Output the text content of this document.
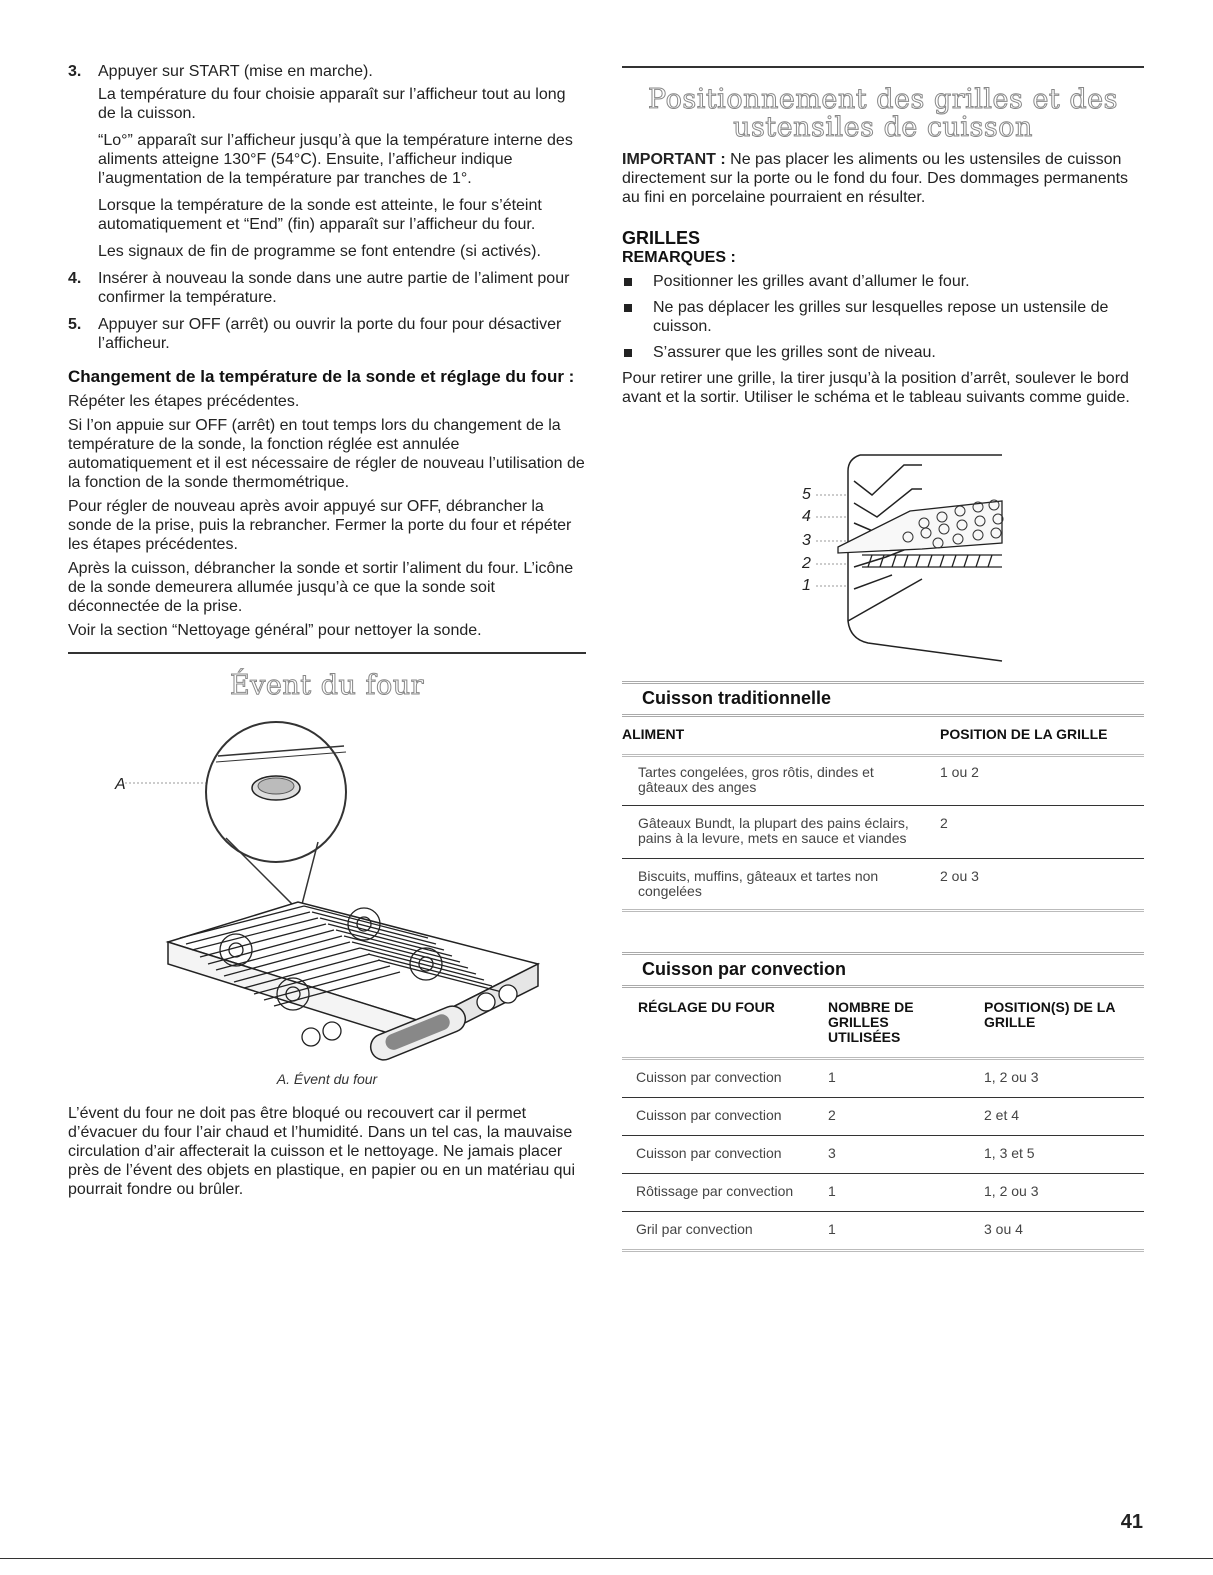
3. Appuyer sur START (mise en marche).

La température du four choisie apparaît sur l’afficheur tout au long de la cuisson.

“Lo°” apparaît sur l’afficheur jusqu’à que la température interne des aliments atteigne 130°F (54°C). Ensuite, l’afficheur indique l’augmentation de la température par tranches de 1°.

Lorsque la température de la sonde est atteinte, le four s’éteint automatiquement et “End” (fin) apparaît sur l’afficheur du four.

Les signaux de fin de programme se font entendre (si activés).

4. Insérer à nouveau la sonde dans une autre partie de l’aliment pour confirmer la température.

5. Appuyer sur OFF (arrêt) ou ouvrir la porte du four pour désactiver l’afficheur.

Changement de la température de la sonde et réglage du four :

Répéter les étapes précédentes.

Si l’on appuie sur OFF (arrêt) en tout temps lors du changement de la température de la sonde, la fonction réglée est annulée automatiquement et il est nécessaire de régler de nouveau l’utilisation de la fonction de la sonde thermométrique.

Pour régler de nouveau après avoir appuyé sur OFF, débrancher la sonde de la prise, puis la rebrancher. Fermer la porte du four et répéter les étapes précédentes.

Après la cuisson, débrancher la sonde et sortir l’aliment du four. L’icône de la sonde demeurera allumée jusqu’à ce que la sonde soit déconnectée de la prise.

Voir la section “Nettoyage général” pour nettoyer la sonde.

Évent du four
A
A. Évent du four

L’évent du four ne doit pas être bloqué ou recouvert car il permet d’évacuer du four l’air chaud et l’humidité. Dans un tel cas, la mauvaise circulation d’air affecterait la cuisson et le nettoyage. Ne jamais placer près de l’évent des objets en plastique, en papier ou en un matériau qui pourrait fondre ou brûler.

Positionnement des grilles et des ustensiles de cuisson

IMPORTANT : Ne pas placer les aliments ou les ustensiles de cuisson directement sur la porte ou le fond du four. Des dommages permanents au fini en porcelaine pourraient en résulter.

GRILLES
REMARQUES :
Positionner les grilles avant d’allumer le four.
Ne pas déplacer les grilles sur lesquelles repose un ustensile de cuisson.
S’assurer que les grilles sont de niveau.

Pour retirer une grille, la tirer jusqu’à la position d’arrêt, soulever le bord avant et la sortir. Utiliser le schéma et le tableau suivants comme guide.

5
4
3
2
1
Cuisson traditionnelle
ALIMENT	POSITION DE LA GRILLE

Tartes congelées, gros rôtis, dindes et gâteaux des anges	1 ou 2
Gâteaux Bundt, la plupart des pains éclairs, pains à la levure, mets en sauce et viandes	2
Biscuits, muffins, gâteaux et tartes non congelées	2 ou 3
Cuisson par convection
RÉGLAGE DU FOUR	NOMBRE DE GRILLES UTILISÉES	POSITION(S) DE LA GRILLE

Cuisson par convection	1	1, 2 ou 3
Cuisson par convection	2	2 et 4
Cuisson par convection	3	1, 3 et 5
Rôtissage par convection	1	1, 2 ou 3
Gril par convection	1	3 ou 4
41
